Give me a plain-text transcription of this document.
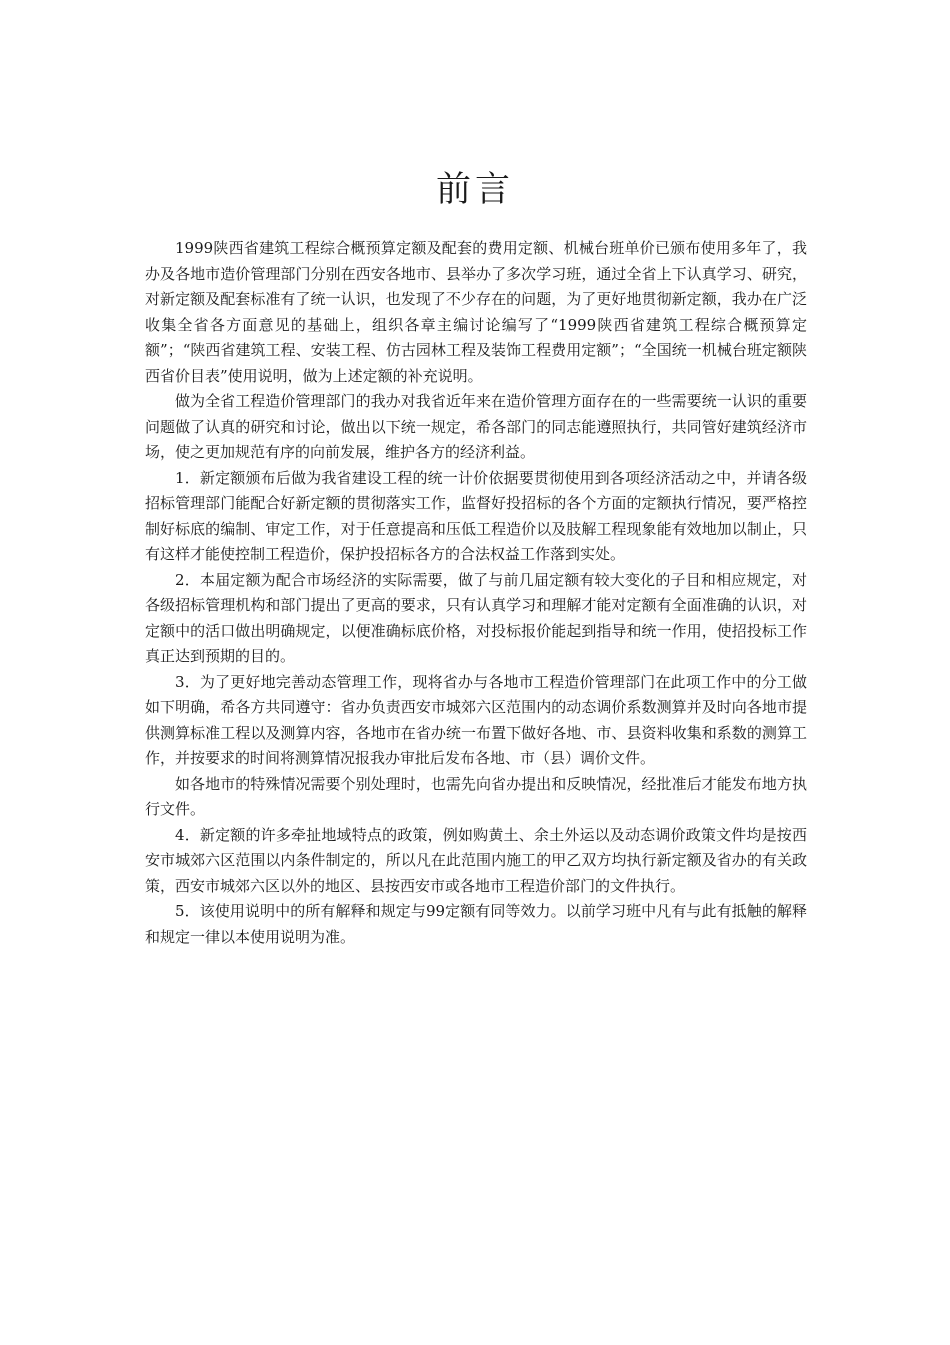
前言

1999陕西省建筑工程综合概预算定额及配套的费用定额、机械台班单价已颁布使用多年了，我办及各地市造价管理部门分别在西安各地市、县举办了多次学习班，通过全省上下认真学习、研究，对新定额及配套标准有了统一认识，也发现了不少存在的问题，为了更好地贯彻新定额，我办在广泛收集全省各方面意见的基础上，组织各章主编讨论编写了“1999陕西省建筑工程综合概预算定额”；“陕西省建筑工程、安装工程、仿古园林工程及装饰工程费用定额”；“全国统一机械台班定额陕西省价目表”使用说明，做为上述定额的补充说明。

做为全省工程造价管理部门的我办对我省近年来在造价管理方面存在的一些需要统一认识的重要问题做了认真的研究和讨论，做出以下统一规定，希各部门的同志能遵照执行，共同管好建筑经济市场，使之更加规范有序的向前发展，维护各方的经济利益。

1．新定额颁布后做为我省建设工程的统一计价依据要贯彻使用到各项经济活动之中，并请各级招标管理部门能配合好新定额的贯彻落实工作，监督好投招标的各个方面的定额执行情况，要严格控制好标底的编制、审定工作，对于任意提高和压低工程造价以及肢解工程现象能有效地加以制止，只有这样才能使控制工程造价，保护投招标各方的合法权益工作落到实处。

2．本届定额为配合市场经济的实际需要，做了与前几届定额有较大变化的子目和相应规定，对各级招标管理机构和部门提出了更高的要求，只有认真学习和理解才能对定额有全面准确的认识，对定额中的活口做出明确规定，以便准确标底价格，对投标报价能起到指导和统一作用，使招投标工作真正达到预期的目的。

3．为了更好地完善动态管理工作，现将省办与各地市工程造价管理部门在此项工作中的分工做如下明确，希各方共同遵守：省办负责西安市城郊六区范围内的动态调价系数测算并及时向各地市提供测算标准工程以及测算内容，各地市在省办统一布置下做好各地、市、县资料收集和系数的测算工作，并按要求的时间将测算情况报我办审批后发布各地、市（县）调价文件。

如各地市的特殊情况需要个别处理时，也需先向省办提出和反映情况，经批准后才能发布地方执行文件。

4．新定额的许多牵扯地域特点的政策，例如购黄土、余土外运以及动态调价政策文件均是按西安市城郊六区范围以内条件制定的，所以凡在此范围内施工的甲乙双方均执行新定额及省办的有关政策，西安市城郊六区以外的地区、县按西安市或各地市工程造价部门的文件执行。

5．该使用说明中的所有解释和规定与99定额有同等效力。以前学习班中凡有与此有抵触的解释和规定一律以本使用说明为准。
